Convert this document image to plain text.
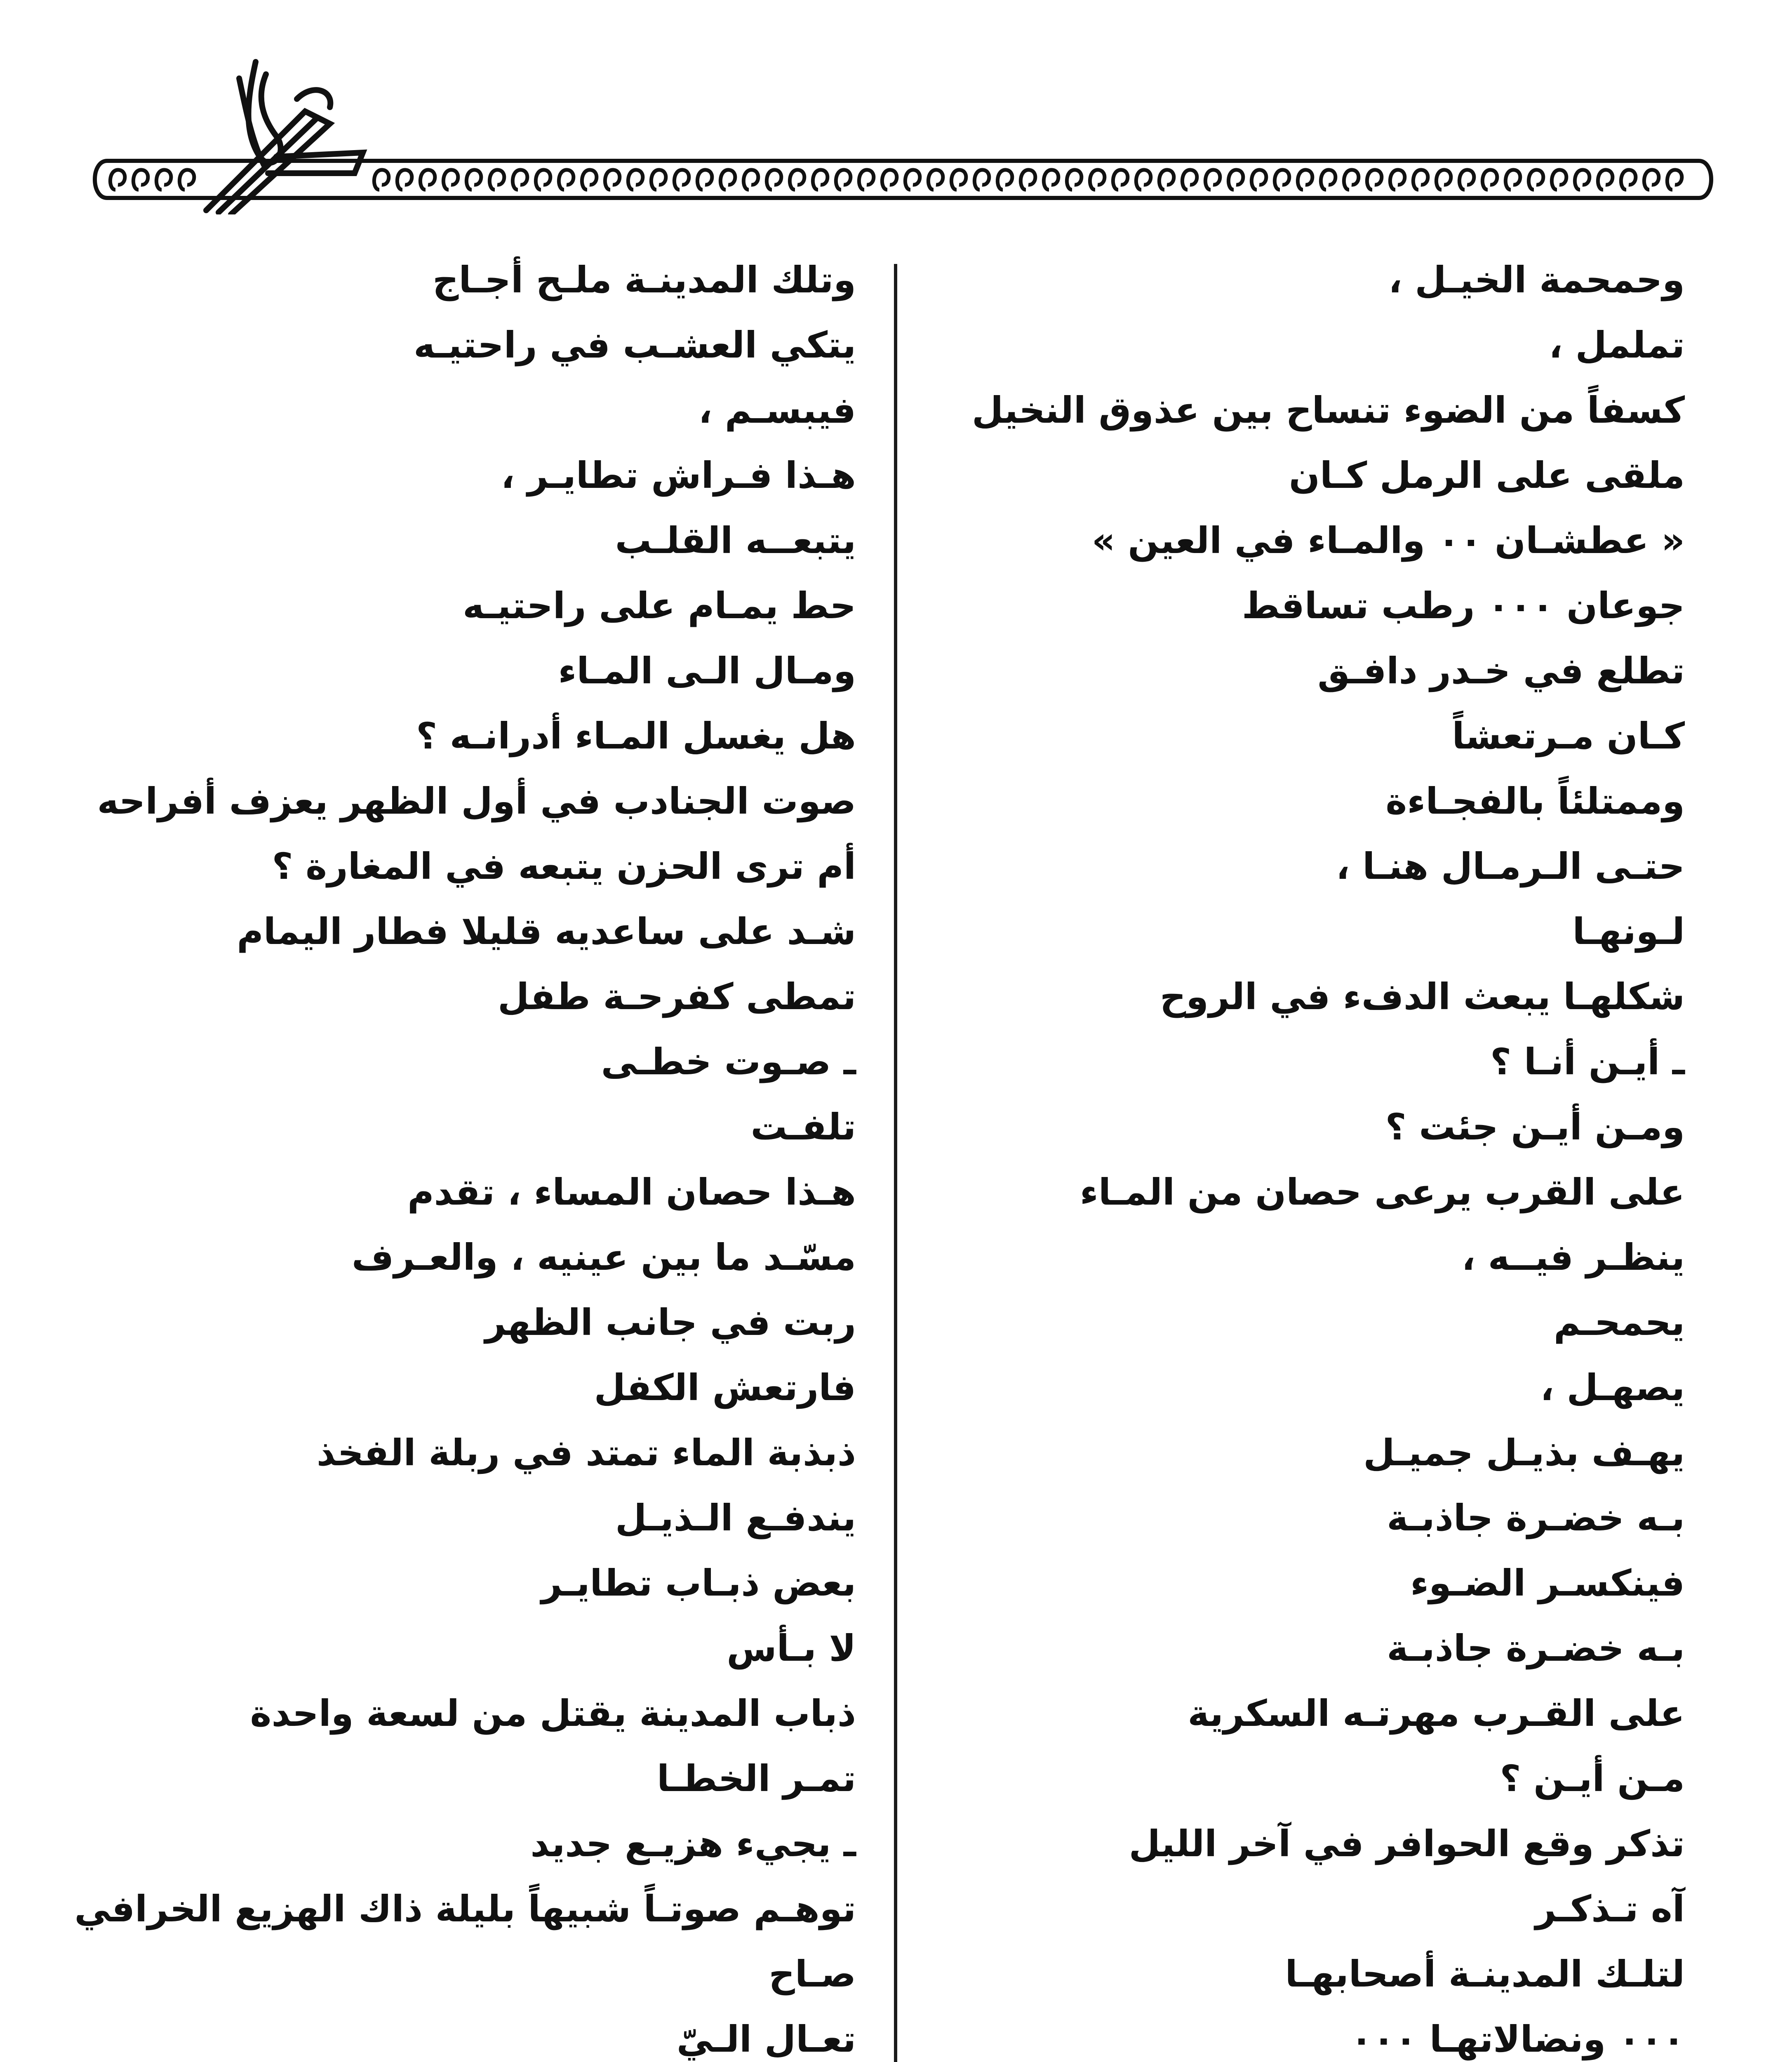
وحمحمة الخيـل ،
تململ ،
كسفاً من الضوء تنساح بين عذوق النخيل
ملقى على الرمل كـان
« عطشـان ٠٠ والمـاء في العين »
جوعان ٠٠٠ رطب تساقط
تطلع في خـدر دافـق
كـان مـرتعشاً
وممتلئاً بالفجـاءة
حتـى الـرمـال هنـا ،
لـونهـا
شكلهـا يبعث الدفء في الروح
ـ أيـن أنـا ؟
ومـن أيـن جئت ؟
على القرب يرعى حصان من المـاء
ينظـر فيــه ،
يحمحـم
يصهـل ،
يهـف بذيـل جميـل
بـه خضـرة جاذبـة
فينكسـر الضـوء
بـه خضـرة جاذبـة
على القـرب مهرتـه السكرية
مـن أيـن ؟
تذكر وقع الحوافر في آخر الليل
آه تـذكـر
لتلـك المدينـة أصحابهـا
٠٠٠ ونضالاتهـا ٠٠٠
وتلك المدينـة ملـح أجـاج
يتكي العشـب في راحتيـه
فيبسـم ،
هـذا فـراش تطايـر ،
يتبعــه القلـب
حط يمـام على راحتيـه
ومـال الـى المـاء
هل يغسل المـاء أدرانـه ؟
صوت الجنادب في أول الظهر يعزف أفراحه
أم ترى الحزن يتبعه في المغارة ؟
شـد على ساعديه قليلا فطار اليمام
تمطى كفرحـة طفل
ـ صـوت خطـى
تلفـت
هـذا حصان المساء ، تقدم
مسّـد ما بين عينيه ، والعـرف
ربت في جانب الظهر
فارتعش الكفل
ذبذبة الماء تمتد في ربلة الفخذ
يندفـع الـذيـل
بعض ذبـاب تطايـر
لا بـأس
ذباب المدينة يقتل من لسعة واحدة
تمـر الخطـا
ـ يجيء هزيـع جديد
توهـم صوتـاً شبيهاً بليلة ذاك الهزيع الخرافي
صـاح
تعـال الـيّ
